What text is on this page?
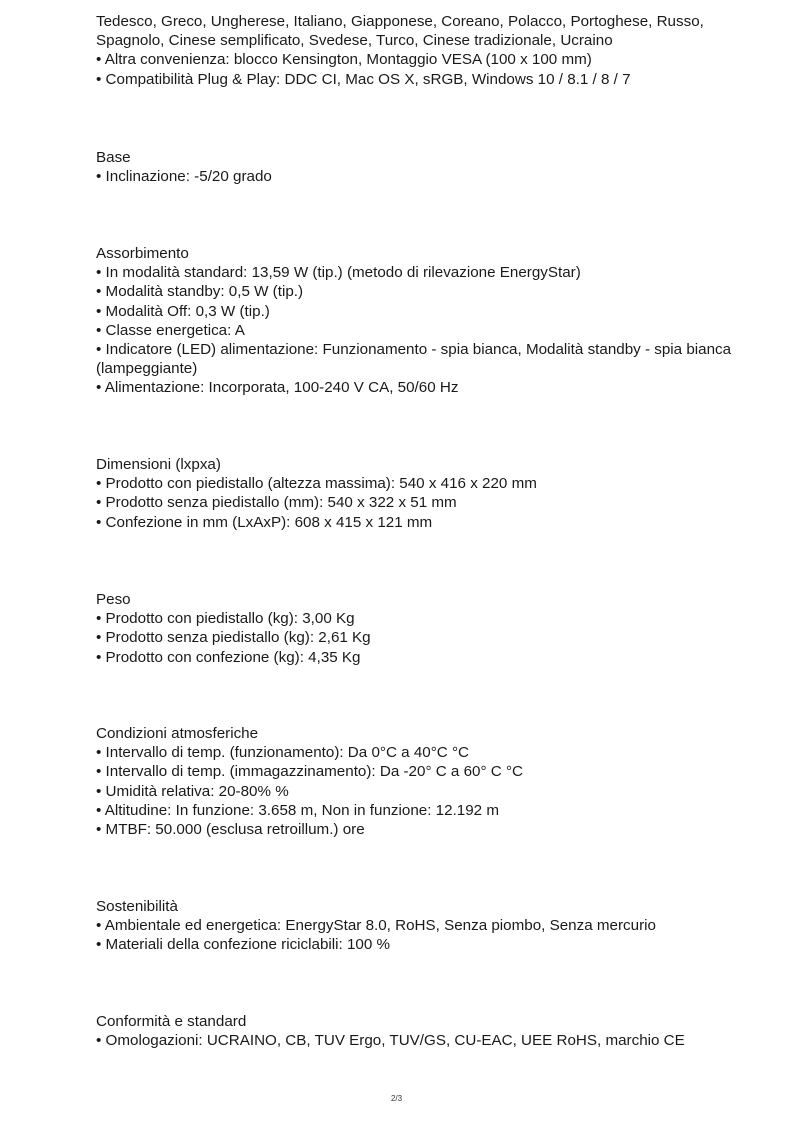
Tedesco, Greco, Ungherese, Italiano, Giapponese, Coreano, Polacco, Portoghese, Russo, Spagnolo, Cinese semplificato, Svedese, Turco, Cinese tradizionale, Ucraino
• Altra convenienza: blocco Kensington, Montaggio VESA (100 x 100 mm)
• Compatibilità Plug & Play: DDC CI, Mac OS X, sRGB, Windows 10 / 8.1 / 8 / 7
Base
• Inclinazione: -5/20 grado
Assorbimento
• In modalità standard: 13,59 W (tip.) (metodo di rilevazione EnergyStar)
• Modalità standby: 0,5 W (tip.)
• Modalità Off: 0,3 W (tip.)
• Classe energetica: A
• Indicatore (LED) alimentazione: Funzionamento - spia bianca, Modalità standby - spia bianca (lampeggiante)
• Alimentazione: Incorporata, 100-240 V CA, 50/60 Hz
Dimensioni (lxpxa)
• Prodotto con piedistallo (altezza massima): 540 x 416 x 220 mm
• Prodotto senza piedistallo (mm): 540 x 322 x 51 mm
• Confezione in mm (LxAxP): 608 x 415 x 121 mm
Peso
• Prodotto con piedistallo (kg): 3,00 Kg
• Prodotto senza piedistallo (kg): 2,61 Kg
• Prodotto con confezione (kg): 4,35 Kg
Condizioni atmosferiche
• Intervallo di temp. (funzionamento): Da 0°C a 40°C °C
• Intervallo di temp. (immagazzinamento): Da -20° C a 60° C °C
• Umidità relativa: 20-80% %
• Altitudine: In funzione: 3.658 m, Non in funzione: 12.192 m
• MTBF: 50.000 (esclusa retroillum.) ore
Sostenibilità
• Ambientale ed energetica: EnergyStar 8.0, RoHS, Senza piombo, Senza mercurio
• Materiali della confezione riciclabili: 100 %
Conformità e standard
• Omologazioni: UCRAINO, CB, TUV Ergo, TUV/GS, CU-EAC, UEE RoHS, marchio CE
2/3
